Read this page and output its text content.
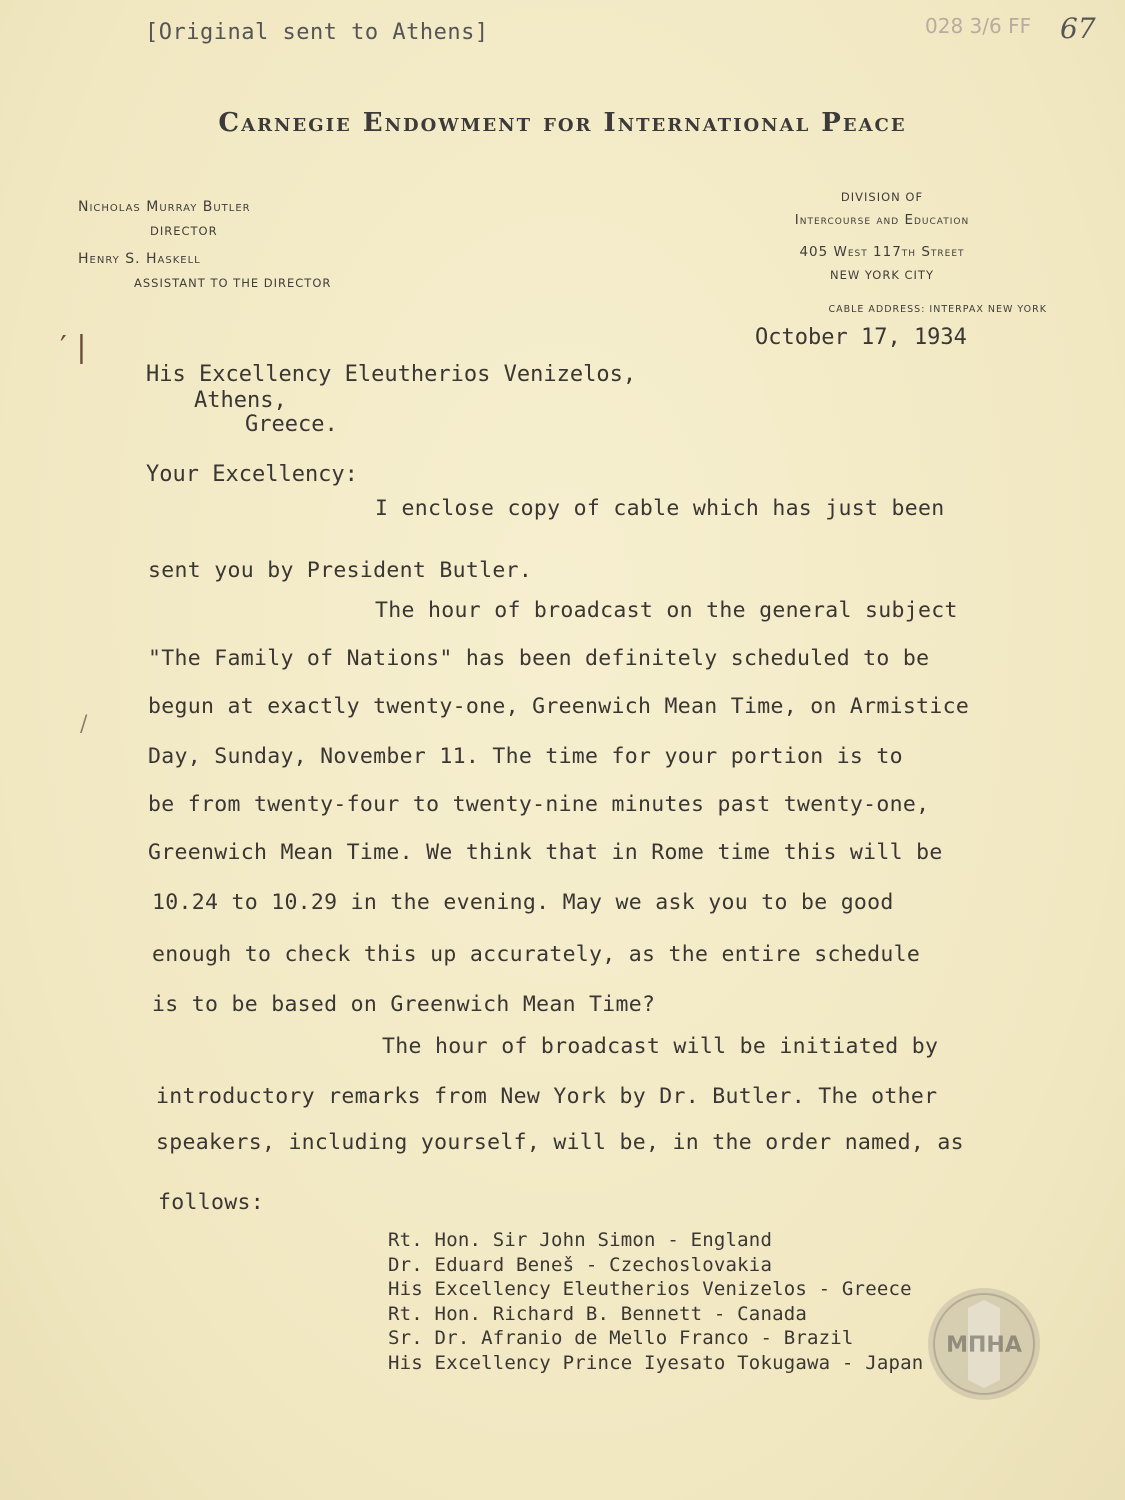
[Original sent to Athens]	028 3/6 FF 67
Carnegie Endowment for International Peace
Nicholas Murray Butler
DIRECTOR
Henry S. Haskell
ASSISTANT TO THE DIRECTOR
DIVISION OF
Intercourse and Education
405 West 117th Street
NEW YORK CITY
CABLE ADDRESS: INTERPAX NEW YORK
′ |
/
October 17, 1934
His Excellency Eleutherios Venizelos,
Athens,
Greece.
Your Excellency:
I enclose copy of cable which has just been
sent you by President Butler.
The hour of broadcast on the general subject
"The Family of Nations" has been definitely scheduled to be
begun at exactly twenty-one, Greenwich Mean Time, on Armistice
Day, Sunday, November 11. The time for your portion is to
be from twenty-four to twenty-nine minutes past twenty-one,
Greenwich Mean Time. We think that in Rome time this will be
10.24 to 10.29 in the evening. May we ask you to be good
enough to check this up accurately, as the entire schedule
is to be based on Greenwich Mean Time?
The hour of broadcast will be initiated by
introductory remarks from New York by Dr. Butler. The other
speakers, including yourself, will be, in the order named, as
follows:
Rt. Hon. Sir John Simon - England
Dr. Eduard Beneš - Czechoslovakia
His Excellency Eleutherios Venizelos - Greece
Rt. Hon. Richard B. Bennett - Canada
Sr. Dr. Afranio de Mello Franco - Brazil
His Excellency Prince Iyesato Tokugawa - Japan
ΜΠΗΑ
